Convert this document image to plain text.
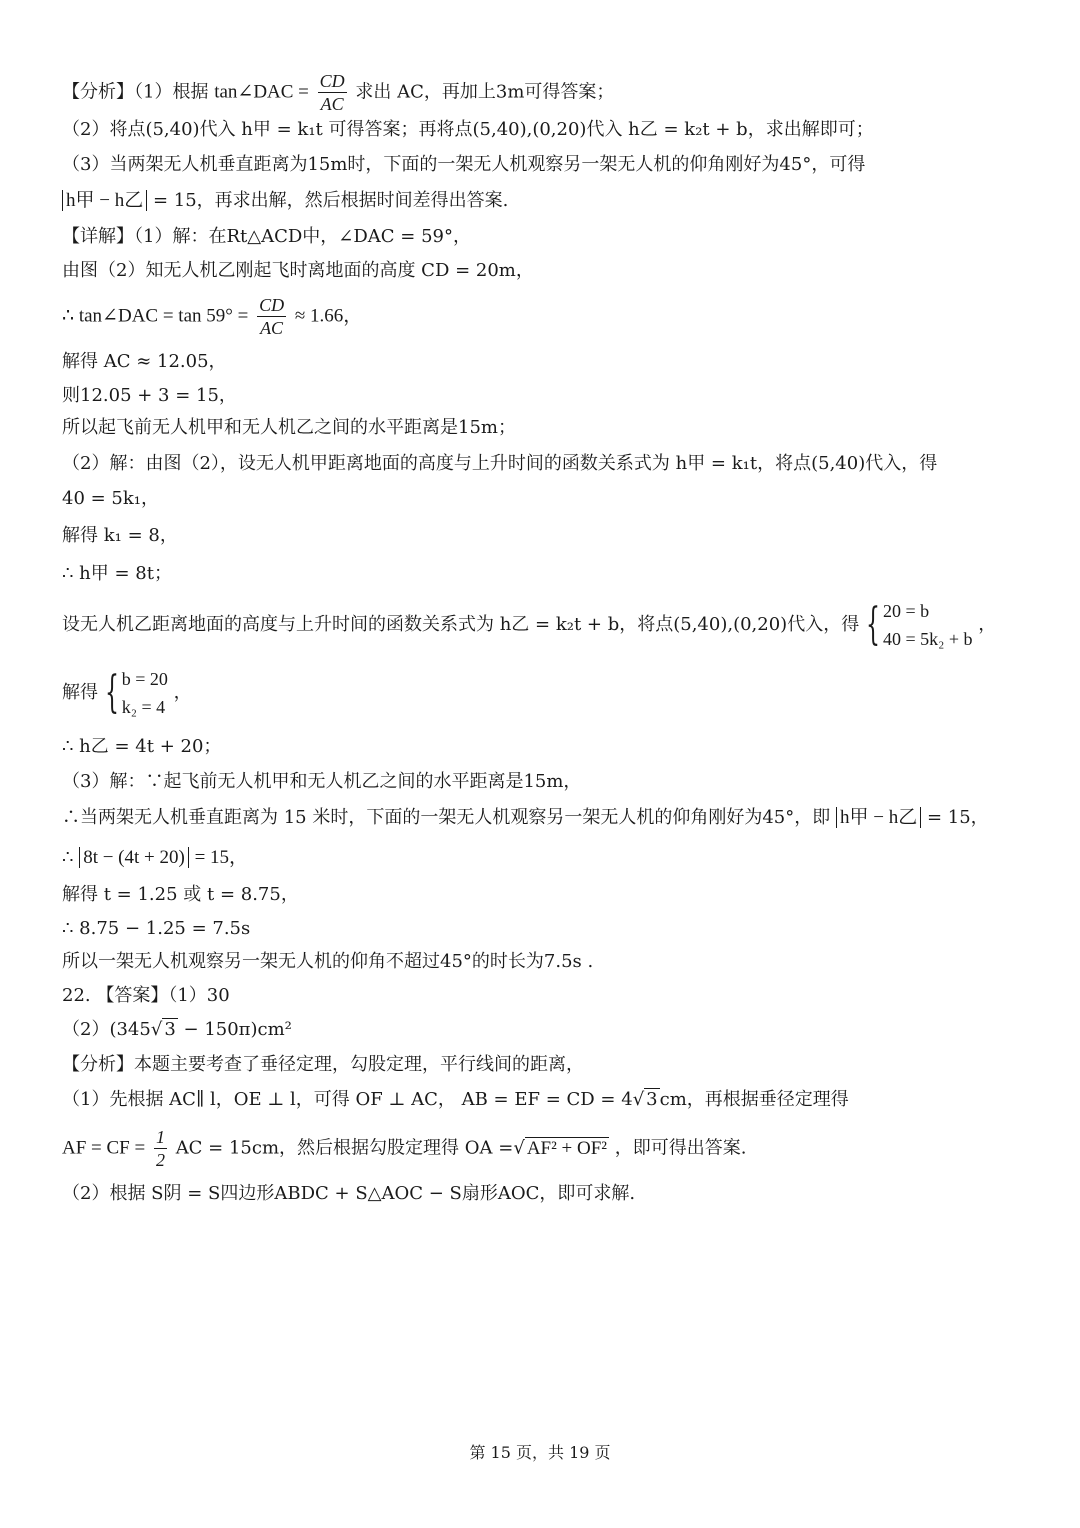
【分析】（1）根据 tan∠DAC = $\frac{CD}{AC}$ 求出 AC，再加上3m可得答案；
（2）将点(5,40)代入 h甲 = k₁t 可得答案；再将点(5,40),(0,20)代入 h乙 = k₂t + b，求出解即可；
（3）当两架无人机垂直距离为15m时，下面的一架无人机观察另一架无人机的仰角刚好为45°，可得
h甲 − h乙 = 15，再求出解，然后根据时间差得出答案.
【详解】（1）解：在Rt△ACD中，∠DAC = 59°，
由图（2）知无人机乙刚起飞时离地面的高度 CD = 20m，
∴ tan∠DAC = $\tan 59^\circ = \frac{CD}{AC} \approx 1.66$，
解得 AC ≈ 12.05，
则12.05 + 3 = 15，
所以起飞前无人机甲和无人机乙之间的水平距离是15m；
（2）解：由图（2），设无人机甲距离地面的高度与上升时间的函数关系式为 h甲 = k₁t，将点(5,40)代入，得
40 = 5k₁，
解得 k₁ = 8，
∴ h甲 = 8t；
设无人机乙距离地面的高度与上升时间的函数关系式为 h乙 = k₂t + b，将点(5,40),(0,20)代入，得 { 20 = b
40 = 5k₂ + b
，
解得 { b = 20
k₂ = 4
，
∴ h乙 = 4t + 20；
（3）解：∵起飞前无人机甲和无人机乙之间的水平距离是15m，
∴当两架无人机垂直距离为 15 米时，下面的一架无人机观察另一架无人机的仰角刚好为45°，即 h甲 − h乙 = 15，
∴ 8t − (4t + 20) = 15，
解得 t = 1.25 或 t = 8.75，
∴ 8.75 − 1.25 = 7.5s
所以一架无人机观察另一架无人机的仰角不超过45°的时长为7.5s .
22. 【答案】（1）30
（2）(345√ 3 − 150π)cm²
【分析】本题主要考查了垂径定理，勾股定理，平行线间的距离，
（1）先根据 AC∥ l，OE ⊥ l，可得 OF ⊥ AC， AB = EF = CD = 4√ 3 cm，再根据垂径定理得
AF = CF = $\frac{1}{2}$ AC = 15cm，然后根据勾股定理得 OA =√ AF² + OF² ，即可得出答案.
（2）根据 S阴 = S四边形ABDC + S△AOC − S扇形AOC，即可求解.
第 15 页，共 19 页
